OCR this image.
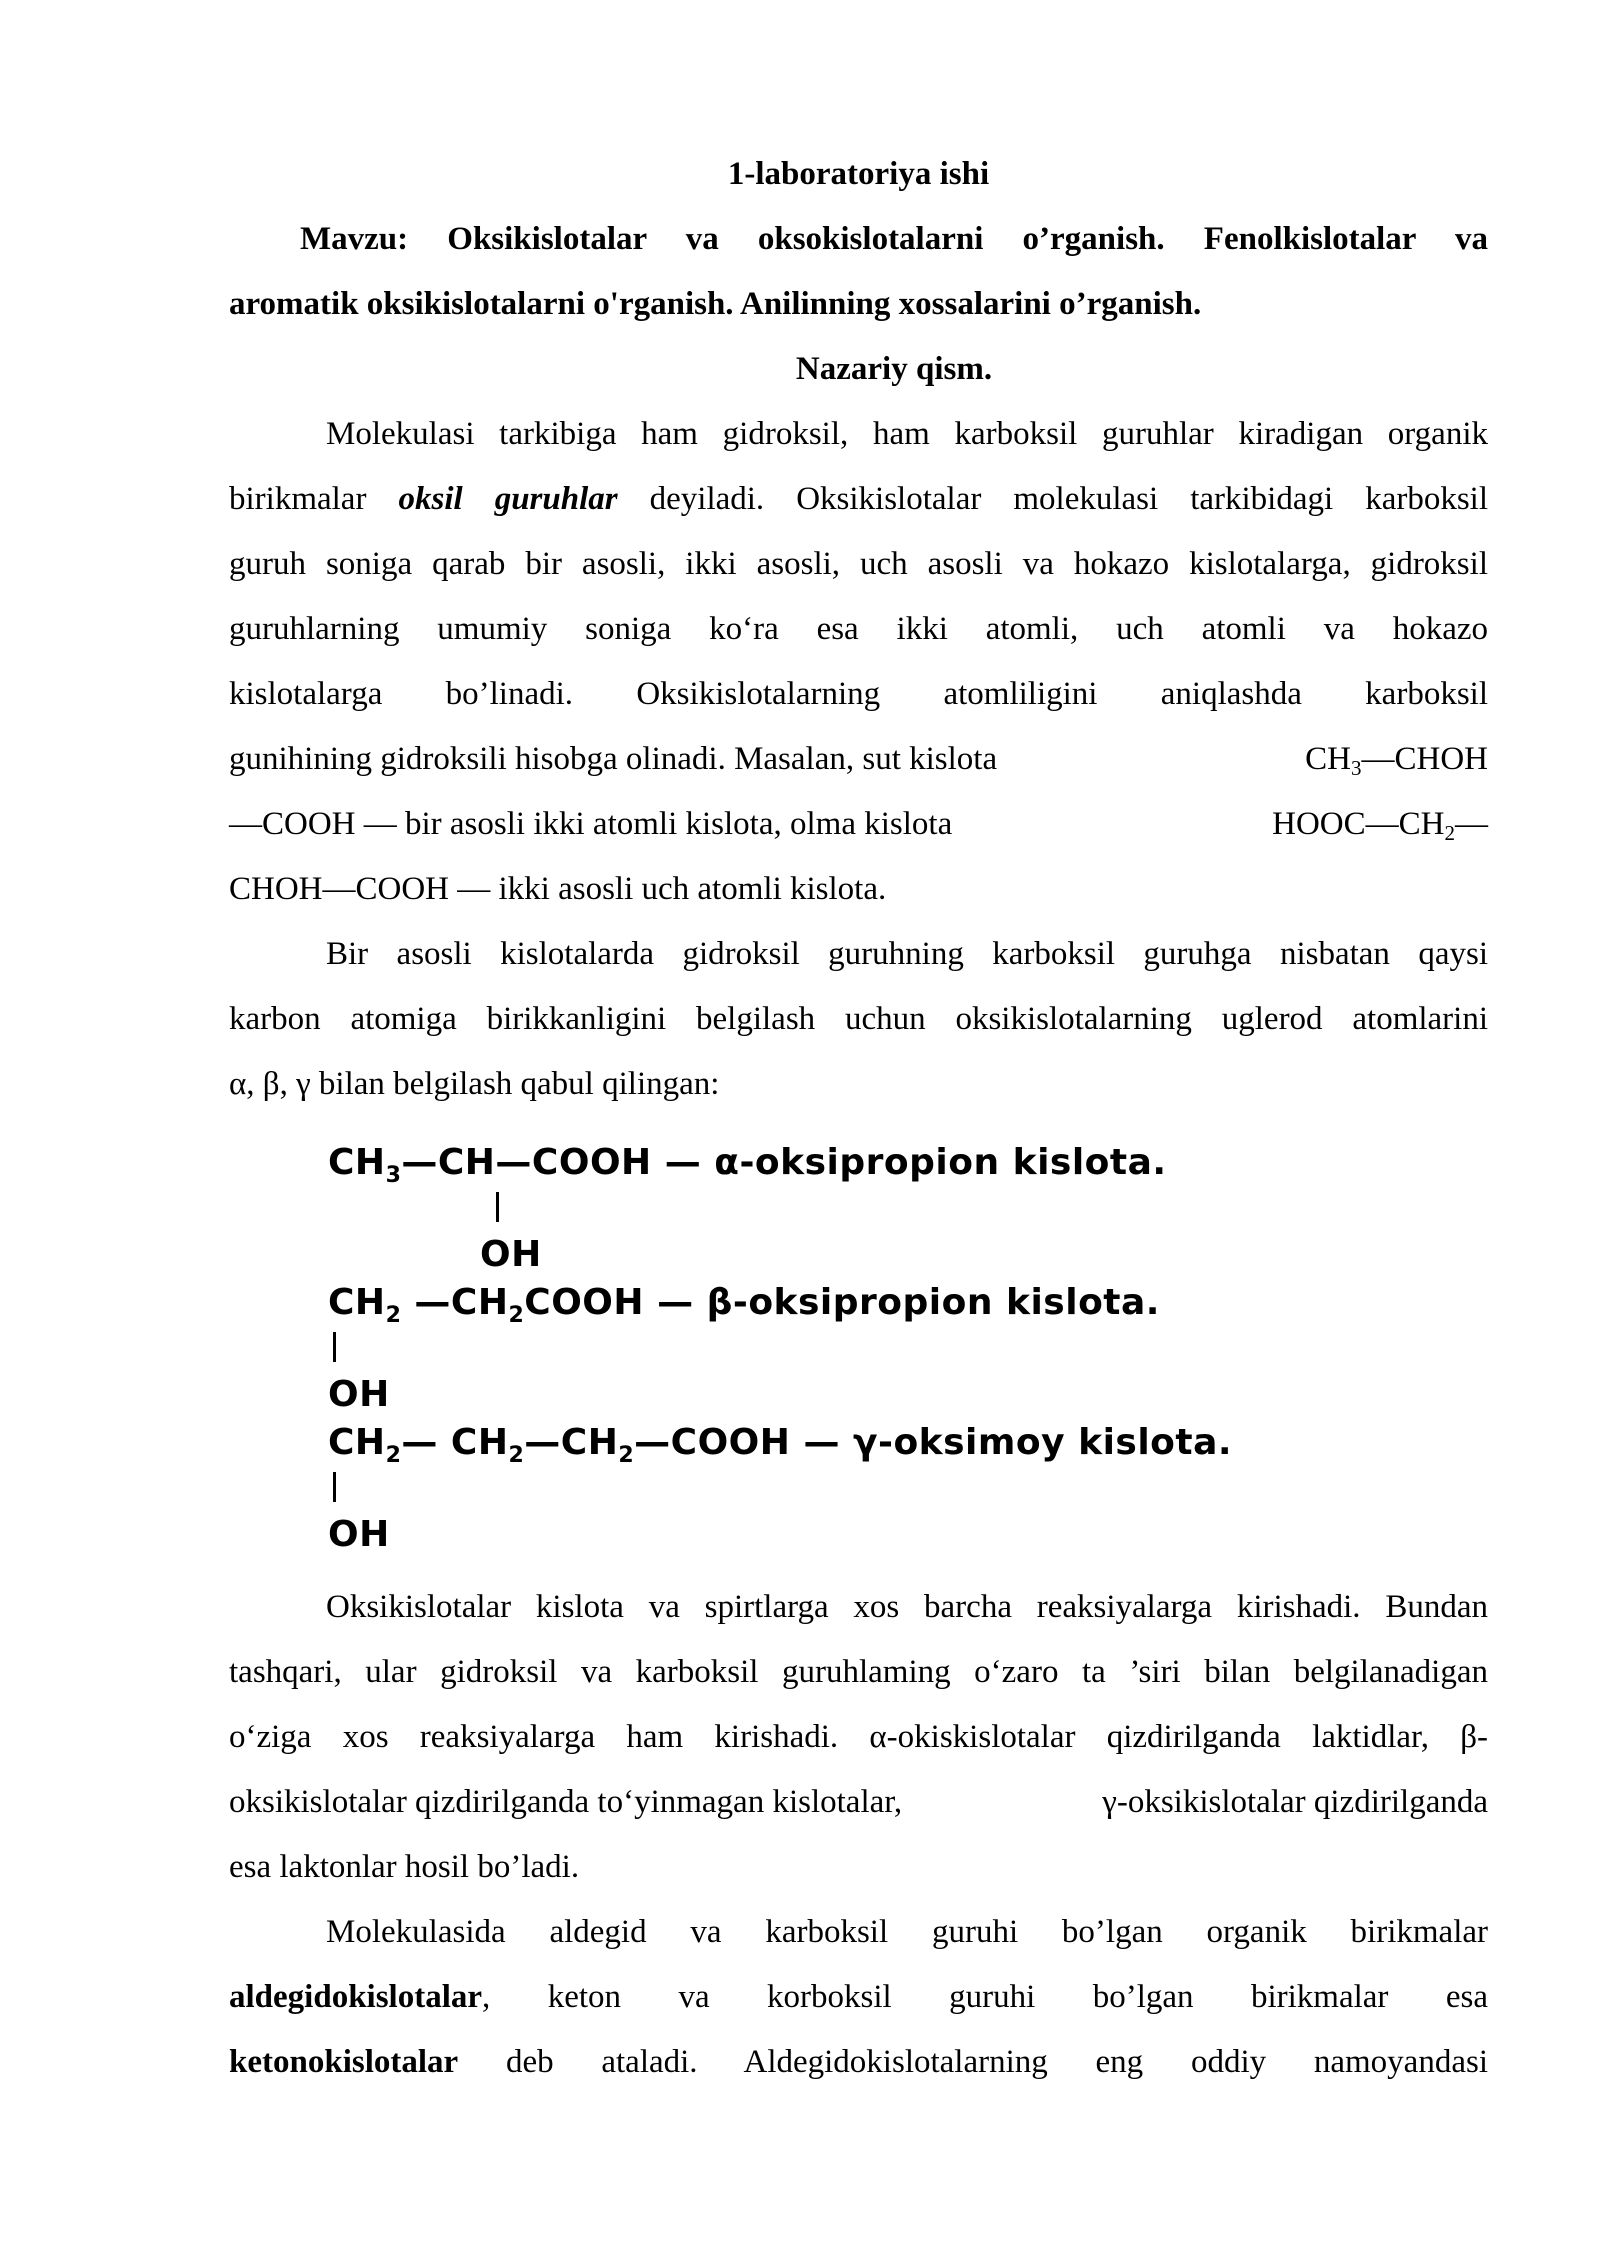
1-laboratoriya ishi
Mavzu: Oksikislotalar va oksokislotalarni o’rganish. Fenolkislotalar va
aromatik oksikislotalarni o'rganish. Anilinning xossalarini o’rganish.
Nazariy qism.
Molekulasi tarkibiga ham gidroksil, ham karboksil guruhlar kiradigan organik
birikmalar oksil guruhlar deyiladi. Oksikislotalar molekulasi tarkibidagi karboksil
guruh soniga qarab bir asosli, ikki asosli, uch asosli va hokazo kislotalarga, gidroksil
guruhlarning umumiy soniga ko‘ra esa ikki atomli, uch atomli va hokazo
kislotalarga bo’linadi. Oksikislotalarning atomliligini aniqlashda karboksil
gunihining gidroksili hisobga olinadi. Masalan, sut kislota	$CH_3—CHOH$
—COOH — bir asosli ikki atomli kislota, olma kislota	$HOOC—CH_2—$
CHOH—COOH — ikki asosli uch atomli kislota.
Bir asosli kislotalarda gidroksil guruhning karboksil guruhga nisbatan qaysi
karbon atomiga birikkanligini belgilash uchun oksikislotalarning uglerod atomlarini
α, β, γ bilan belgilash qabul qilingan:
$CH_3—CH—COOH$ — α-oksipropion kislota.
OH
$CH_2$ $—CH_2COOH$ — β-oksipropion kislota.
OH
$CH_2—$ $CH_2—CH_2—COOH$ — γ-oksimoy kislota.
OH
Oksikislotalar kislota va spirtlarga xos barcha reaksiyalarga kirishadi. Bundan
tashqari, ular gidroksil va karboksil guruhlaming o‘zaro ta ’siri bilan belgilanadigan
o‘ziga xos reaksiyalarga ham kirishadi. α-okiskislotalar qizdirilganda laktidlar, β-
oksikislotalar qizdirilganda to‘yinmagan kislotalar,	γ-oksikislotalar qizdirilganda
esa laktonlar hosil bo’ladi.
Molekulasida aldegid va karboksil guruhi bo’lgan organik birikmalar
aldegidokislotalar, keton va korboksil guruhi bo’lgan birikmalar esa
ketonokislotalar deb ataladi. Aldegidokislotalarning eng oddiy namoyandasi
